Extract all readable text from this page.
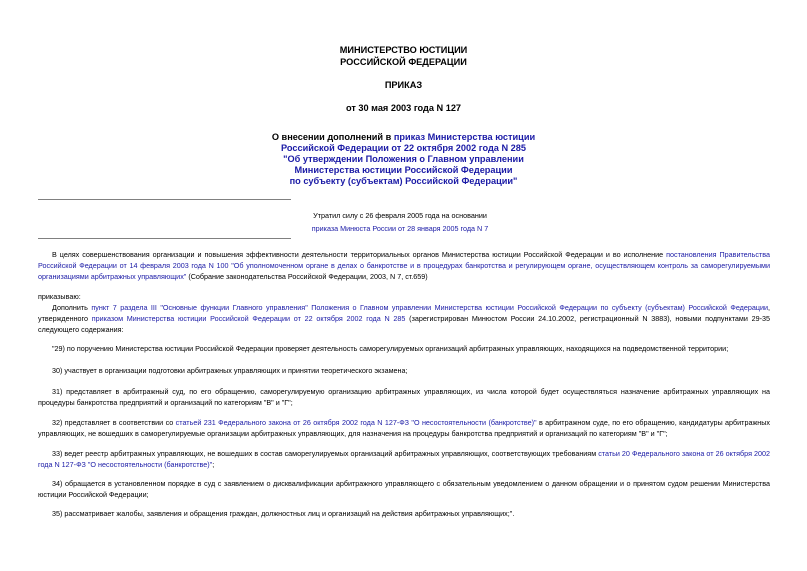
МИНИСТЕРСТВО ЮСТИЦИИ
РОССИЙСКОЙ ФЕДЕРАЦИИ
ПРИКАЗ
от 30 мая 2003 года N 127
О внесении дополнений в приказ Министерства юстиции
Российской Федерации от 22 октября 2002 года N 285
"Об утверждении Положения о Главном управлении
Министерства юстиции Российской Федерации
по субъекту (субъектам) Российской Федерации"
Утратил силу с 26 февраля 2005 года на основании
приказа Минюста России от 28 января 2005 года N 7
В целях совершенствования организации и повышения эффективности деятельности территориальных органов Министерства юстиции Российской Федерации и во исполнение постановления Правительства Российской Федерации от 14 февраля 2003 года N 100 "Об уполномоченном органе в делах о банкротстве и в процедурах банкротства и регулирующем органе, осуществляющем контроль за саморегулируемыми организациями арбитражных управляющих" (Собрание законодательства Российской Федерации, 2003, N 7, ст.659)
приказываю:
Дополнить пункт 7 раздела III "Основные функции Главного управления" Положения о Главном управлении Министерства юстиции Российской Федерации по субъекту (субъектам) Российской Федерации, утвержденного приказом Министерства юстиции Российской Федерации от 22 октября 2002 года N 285 (зарегистрирован Минюстом России 24.10.2002, регистрационный N 3883), новыми подпунктами 29-35 следующего содержания:
"29) по поручению Министерства юстиции Российской Федерации проверяет деятельность саморегулируемых организаций арбитражных управляющих, находящихся на подведомственной территории;
30) участвует в организации подготовки арбитражных управляющих и принятии теоретического экзамена;
31) представляет в арбитражный суд, по его обращению, саморегулируемую организацию арбитражных управляющих, из числа которой будет осуществляться назначение арбитражных управляющих на процедуры банкротства предприятий и организаций по категориям "В" и "Г";
32) представляет в соответствии со статьей 231 Федерального закона от 26 октября 2002 года N 127-ФЗ "О несостоятельности (банкротстве)" в арбитражном суде, по его обращению, кандидатуры арбитражных управляющих, не вошедших в саморегулируемые организации арбитражных управляющих, для назначения на процедуры банкротства предприятий и организаций по категориям "В" и "Г";
33) ведет реестр арбитражных управляющих, не вошедших в состав саморегулируемых организаций арбитражных управляющих, соответствующих требованиям статьи 20 Федерального закона от 26 октября 2002 года N 127-ФЗ "О несостоятельности (банкротстве)";
34) обращается в установленном порядке в суд с заявлением о дисквалификации арбитражного управляющего с обязательным уведомлением о данном обращении и о принятом судом решении Министерства юстиции Российской Федерации;
35) рассматривает жалобы, заявления и обращения граждан, должностных лиц и организаций на действия арбитражных управляющих;".
